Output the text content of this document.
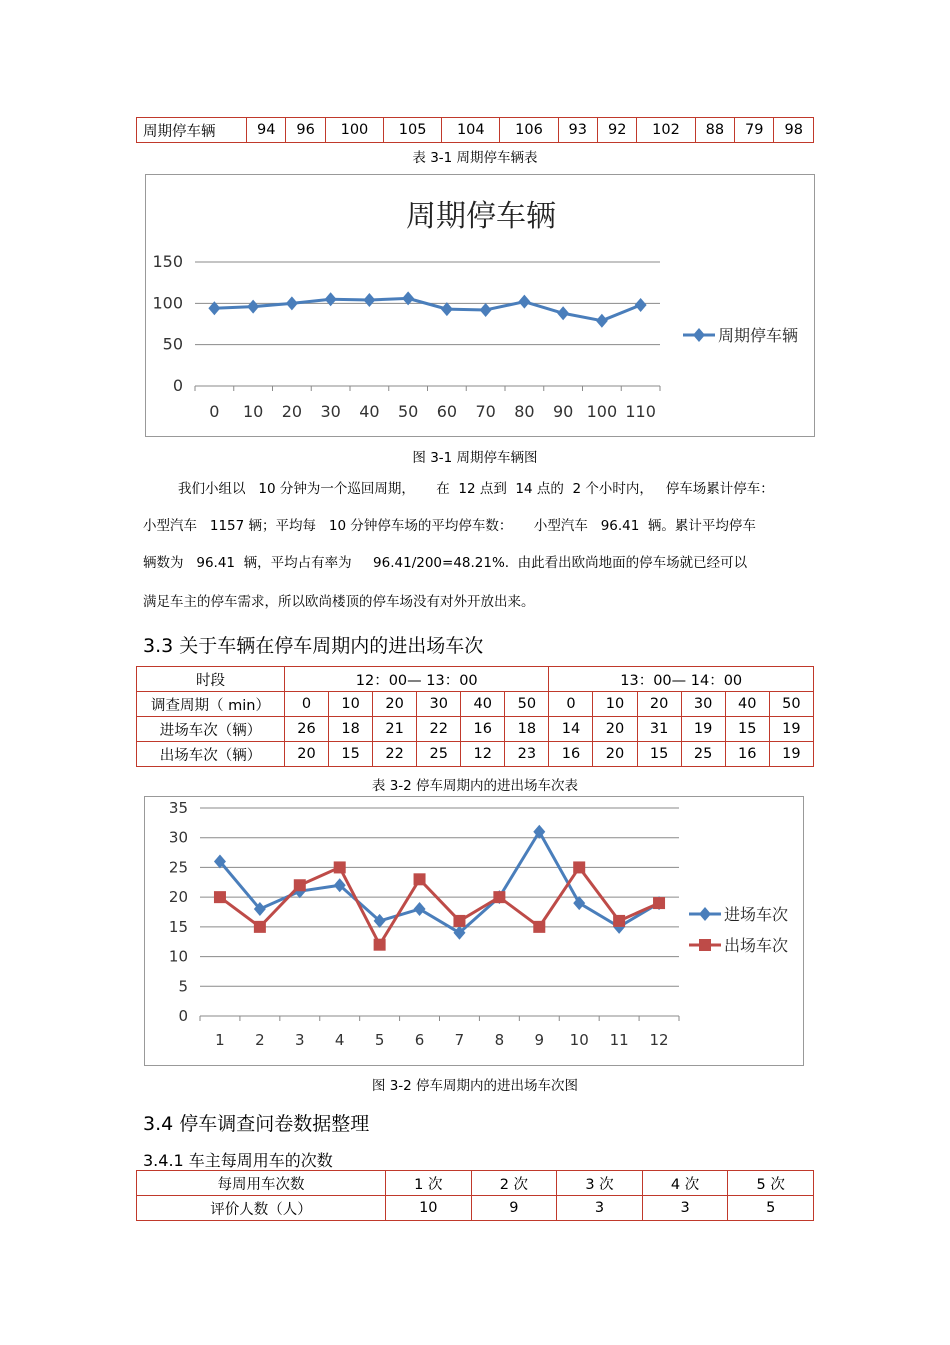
周期停车辆	94	96	100	105	104	106	93	92	102	88	79	98
表 3-1 周期停车辆表
周期停车辆
0
50
100
150
0 10 20 30 40 50 60 70 80 90 100 110
周期停车辆
图 3-1 周期停车辆图
我们小组以   10 分钟为一个巡回周期，     在  12 点到  14 点的  2 个小时内，   停车场累计停车：
小型汽车   1157 辆；平均每   10 分钟停车场的平均停车数：     小型汽车   96.41  辆。累计平均停车
辆数为   96.41  辆，平均占有率为     96.41/200=48.21%.  由此看出欧尚地面的停车场就已经可以
满足车主的停车需求，所以欧尚楼顶的停车场没有对外开放出来。
3.3 关于车辆在停车周期内的进出场车次
时段	12：00— 13：00						13：00— 14：00					
调查周期（ min）	0	10	20	30	40	50	0	10	20	30	40	50
进场车次（辆）	26	18	21	22	16	18	14	20	31	19	15	19
出场车次（辆）	20	15	22	25	12	23	16	20	15	25	16	19
表 3-2 停车周期内的进出场车次表
0
5
10
15
20
25
30
35
1 2 3 4 5 6 7 8 9 10 11 12
进场车次
出场车次
图 3-2 停车周期内的进出场车次图
3.4 停车调查问卷数据整理
3.4.1 车主每周用车的次数
每周用车次数	1 次	2 次	3 次	4 次	5 次
评价人数（人）	10	9	3	3	5
